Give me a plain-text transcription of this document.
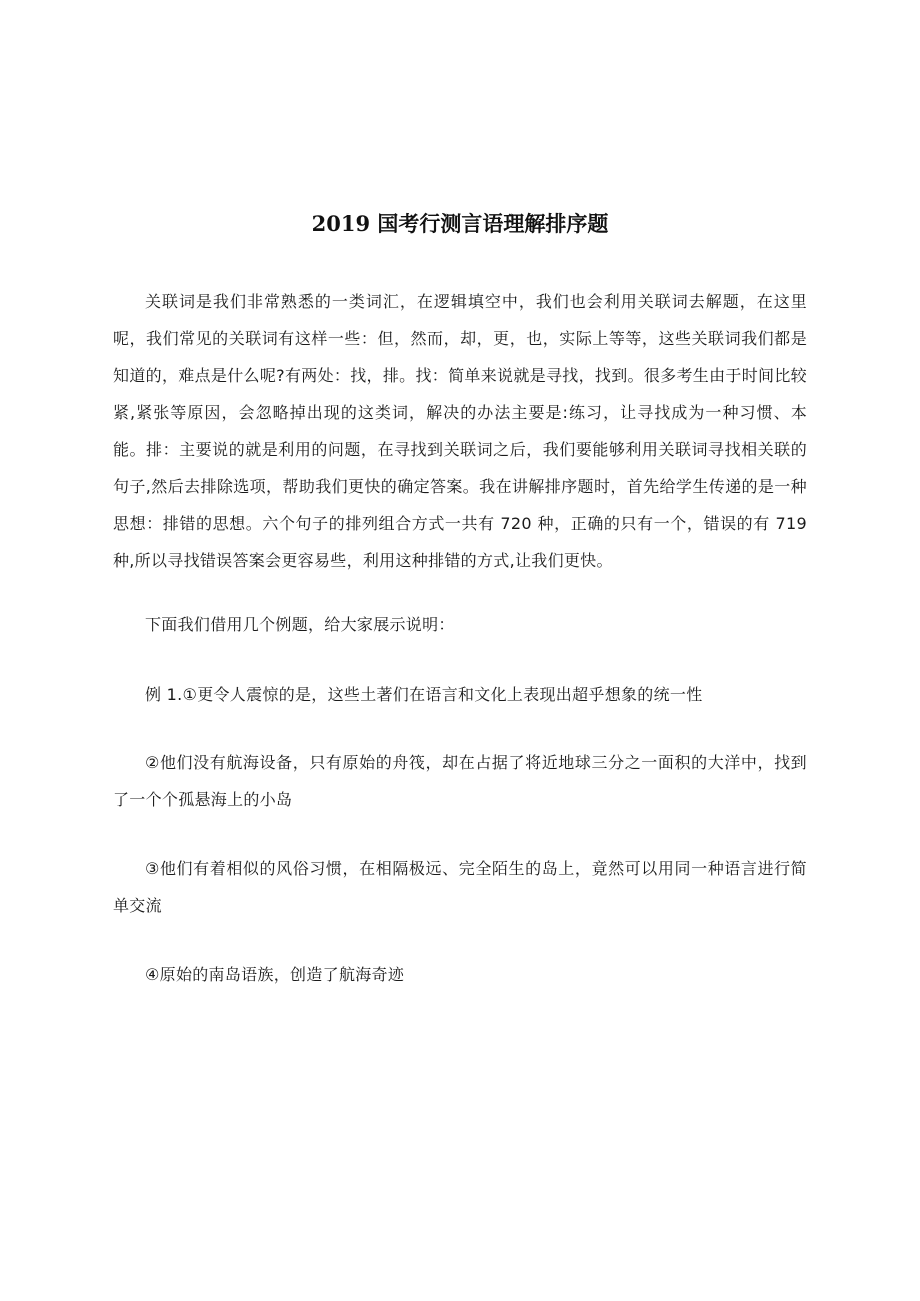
2019 国考行测言语理解排序题

关联词是我们非常熟悉的一类词汇，在逻辑填空中，我们也会利用关联词去解题，在这里呢，我们常见的关联词有这样一些：但，然而，却，更，也，实际上等等，这些关联词我们都是知道的，难点是什么呢?有两处：找，排。找：简单来说就是寻找，找到。很多考生由于时间比较紧,紧张等原因，会忽略掉出现的这类词，解决的办法主要是:练习，让寻找成为一种习惯、本能。排：主要说的就是利用的问题，在寻找到关联词之后，我们要能够利用关联词寻找相关联的句子,然后去排除选项，帮助我们更快的确定答案。我在讲解排序题时，首先给学生传递的是一种思想：排错的思想。六个句子的排列组合方式一共有 720 种，正确的只有一个，错误的有 719 种,所以寻找错误答案会更容易些，利用这种排错的方式,让我们更快。

下面我们借用几个例题，给大家展示说明：

例 1.①更令人震惊的是，这些土著们在语言和文化上表现出超乎想象的统一性

②他们没有航海设备，只有原始的舟筏，却在占据了将近地球三分之一面积的大洋中，找到了一个个孤悬海上的小岛

③他们有着相似的风俗习惯，在相隔极远、完全陌生的岛上，竟然可以用同一种语言进行简单交流

④原始的南岛语族，创造了航海奇迹
